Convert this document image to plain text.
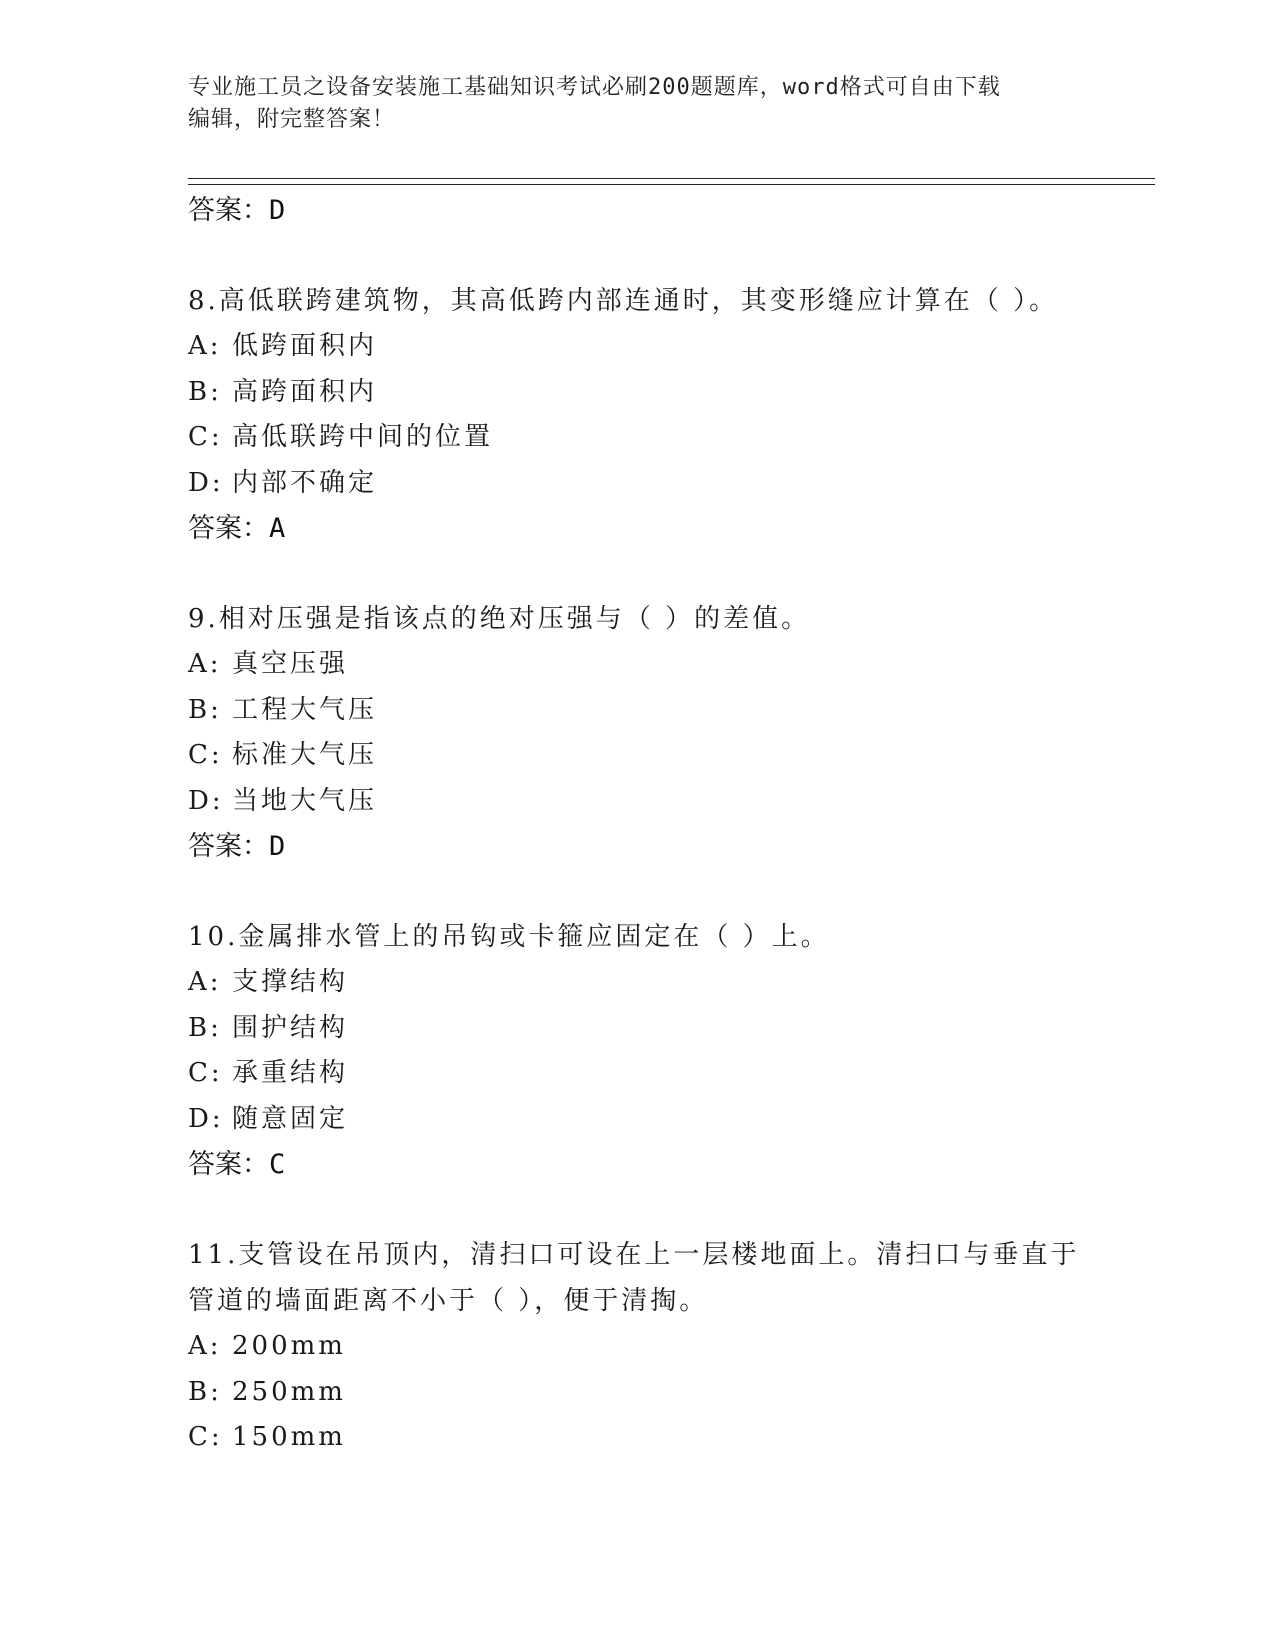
专业施工员之设备安装施工基础知识考试必刷200题题库，word格式可自由下载
编辑，附完整答案！
答案：D
8.高低联跨建筑物，其高低跨内部连通时，其变形缝应计算在（ ）。
A: 低跨面积内
B: 高跨面积内
C: 高低联跨中间的位置
D: 内部不确定
答案：A
9.相对压强是指该点的绝对压强与（ ）的差值。
A: 真空压强
B: 工程大气压
C: 标准大气压
D: 当地大气压
答案：D
10.金属排水管上的吊钩或卡箍应固定在（ ）上。
A: 支撑结构
B: 围护结构
C: 承重结构
D: 随意固定
答案：C
11.支管设在吊顶内，清扫口可设在上一层楼地面上。清扫口与垂直于
管道的墙面距离不小于（ ），便于清掏。
A: 200mm
B: 250mm
C: 150mm
